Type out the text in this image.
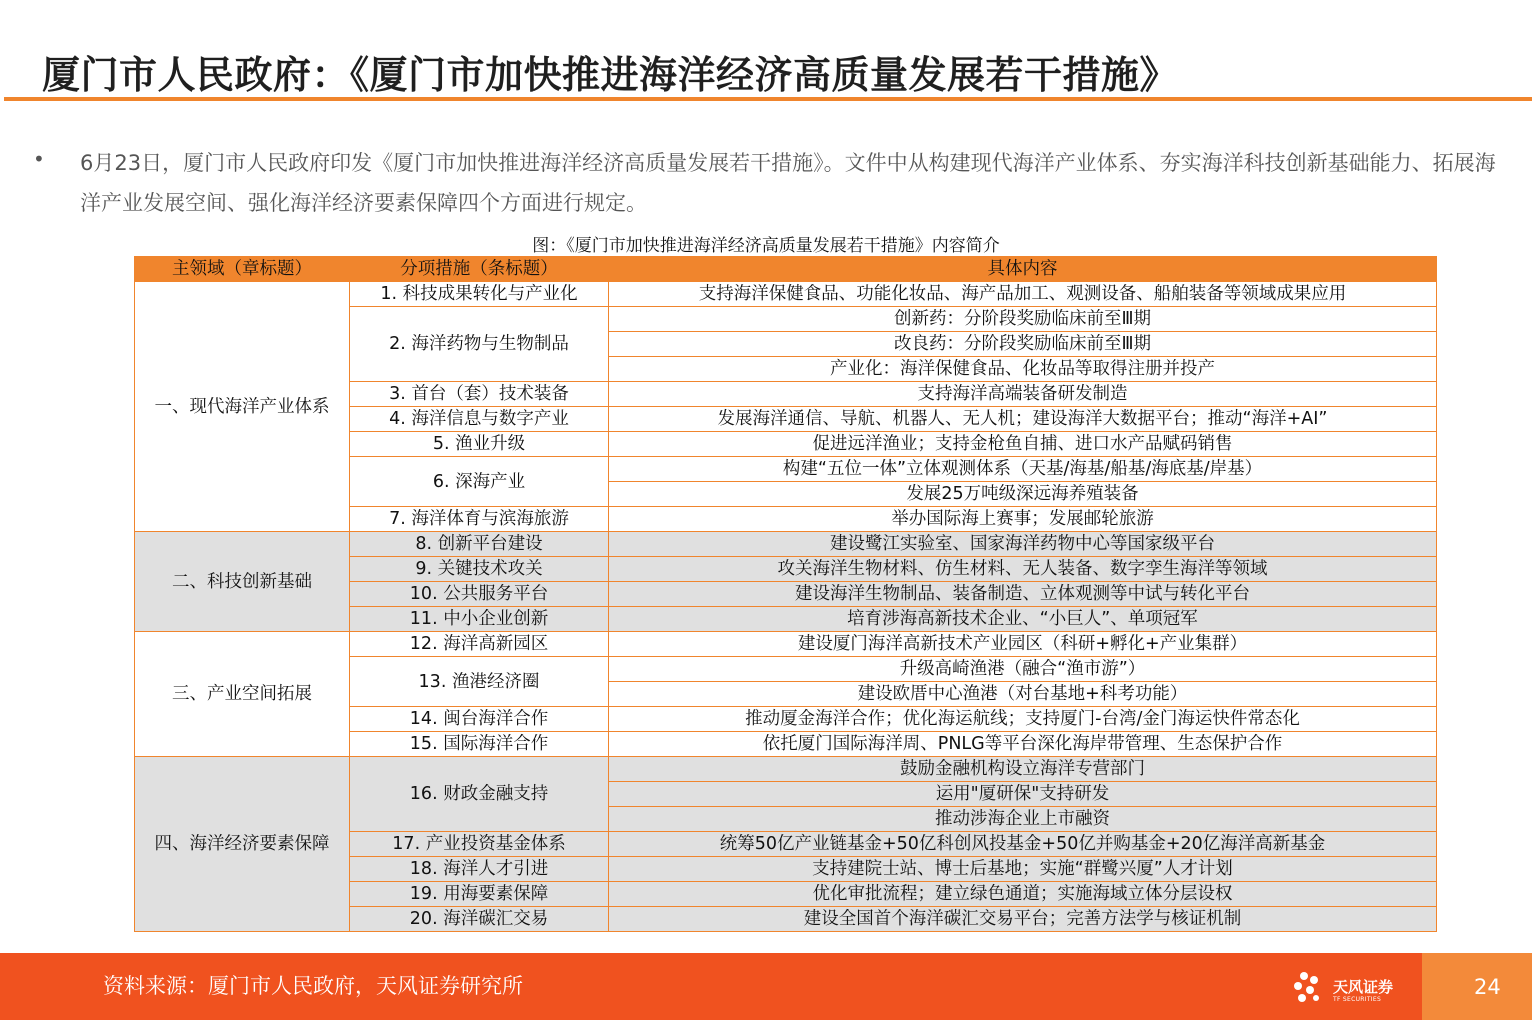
厦门市人民政府：《厦门市加快推进海洋经济高质量发展若干措施》
• 6月23日，厦门市人民政府印发《厦门市加快推进海洋经济高质量发展若干措施》。文件中从构建现代海洋产业体系、夯实海洋科技创新基础能力、拓展海洋产业发展空间、强化海洋经济要素保障四个方面进行规定。
图：《厦门市加快推进海洋经济高质量发展若干措施》内容简介
主领域（章标题）	分项措施（条标题）	具体内容
一、现代海洋产业体系	1. 科技成果转化与产业化	支持海洋保健食品、功能化妆品、海产品加工、观测设备、船舶装备等领域成果应用
	2. 海洋药物与生物制品	创新药：分阶段奖励临床前至Ⅲ期
		改良药：分阶段奖励临床前至Ⅲ期
		产业化：海洋保健食品、化妆品等取得注册并投产
	3. 首台（套）技术装备	支持海洋高端装备研发制造
	4. 海洋信息与数字产业	发展海洋通信、导航、机器人、无人机；建设海洋大数据平台；推动“海洋+AI”
	5. 渔业升级	促进远洋渔业；支持金枪鱼自捕、进口水产品赋码销售
	6. 深海产业	构建“五位一体”立体观测体系（天基/海基/船基/海底基/岸基）
		发展25万吨级深远海养殖装备
	7. 海洋体育与滨海旅游	举办国际海上赛事；发展邮轮旅游
二、科技创新基础	8. 创新平台建设	建设鹭江实验室、国家海洋药物中心等国家级平台
	9. 关键技术攻关	攻关海洋生物材料、仿生材料、无人装备、数字孪生海洋等领域
	10. 公共服务平台	建设海洋生物制品、装备制造、立体观测等中试与转化平台
	11. 中小企业创新	培育涉海高新技术企业、“小巨人”、单项冠军
三、产业空间拓展	12. 海洋高新园区	建设厦门海洋高新技术产业园区（科研+孵化+产业集群）
	13. 渔港经济圈	升级高崎渔港（融合“渔市游”）
		建设欧厝中心渔港（对台基地+科考功能）
	14. 闽台海洋合作	推动厦金海洋合作；优化海运航线；支持厦门-台湾/金门海运快件常态化
	15. 国际海洋合作	依托厦门国际海洋周、PNLG等平台深化海岸带管理、生态保护合作
四、海洋经济要素保障	16. 财政金融支持	鼓励金融机构设立海洋专营部门
		运用"厦研保"支持研发
		推动涉海企业上市融资
	17. 产业投资基金体系	统筹50亿产业链基金+50亿科创风投基金+50亿并购基金+20亿海洋高新基金
	18. 海洋人才引进	支持建院士站、博士后基地；实施“群鹭兴厦”人才计划
	19. 用海要素保障	优化审批流程；建立绿色通道；实施海域立体分层设权
	20. 海洋碳汇交易	建设全国首个海洋碳汇交易平台；完善方法学与核证机制
资料来源：厦门市人民政府，天风证券研究所	天风证券
TF SECURITIES
24
